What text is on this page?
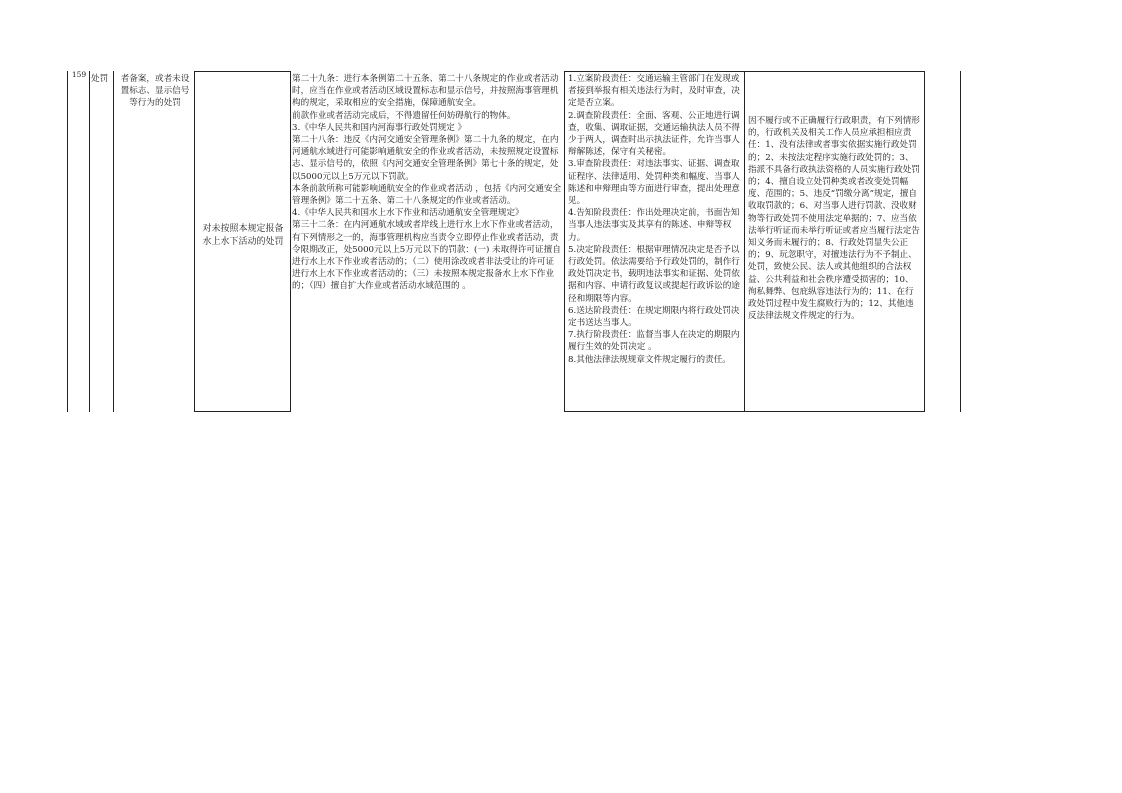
159 处罚	者备案，或者未设置标志、显示信号等行为的处罚
对未按照本规定报备水上水下活动的处罚

第二十九条：进行本条例第二十五条、第二十八条规定的作业或者活动时，应当在作业或者活动区域设置标志和显示信号，并按照海事管理机构的规定，采取相应的安全措施，保障通航安全。

前款作业或者活动完成后，不得遗留任何妨碍航行的物体。

3.《中华人民共和国内河海事行政处罚规定 》

第二十八条：违反《内河交通安全管理条例》第二十九条的规定，在内河通航水域进行可能影响通航安全的作业或者活动，未按照规定设置标志、显示信号的，依照《内河交通安全管理条例》第七十条的规定，处以5000元以上5万元以下罚款。

本条前款所称可能影响通航安全的作业或者活动 ，包括《内河交通安全管理条例》第二十五条、第二十八条规定的作业或者活动。

4.《中华人民共和国水上水下作业和活动通航安全管理规定》

第三十二条：在内河通航水域或者岸线上进行水上水下作业或者活动，有下列情形之一的，海事管理机构应当责令立即停止作业或者活动，责令限期改正，处5000元以上5万元以下的罚款：(一) 未取得许可证擅自进行水上水下作业或者活动的；（二）使用涂改或者非法受让的许可证进行水上水下作业或者活动的；（三）未按照本规定报备水上水下作业的；（四）擅自扩大作业或者活动水域范围的 。

1.立案阶段责任：交通运输主管部门在发现或者接到举报有相关违法行为时，及时审查，决定是否立案。

2.调查阶段责任：全面、客观、公正地进行调查，收集、调取证据，交通运输执法人员不得少于两人，调查时出示执法证件，允许当事人辩解陈述，保守有关秘密。

3.审查阶段责任：对违法事实、证据、调查取证程序、法律适用、处罚种类和幅度、当事人陈述和申辩理由等方面进行审查，提出处理意见。

4.告知阶段责任：作出处理决定前，书面告知当事人违法事实及其享有的陈述、申辩等权力。

5.决定阶段责任：根据审理情况决定是否予以行政处罚。依法需要给予行政处罚的，制作行政处罚决定书，载明违法事实和证据、处罚依据和内容、申请行政复议或提起行政诉讼的途径和期限等内容。

6.送达阶段责任：在规定期限内将行政处罚决定书送达当事人。

7.执行阶段责任：监督当事人在决定的期限内履行生效的处罚决定 。

8.其他法律法规规章文件规定履行的责任。

因不履行或不正确履行行政职责，有下列情形的，行政机关及相关工作人员应承担相应责任：1、没有法律或者事实依据实施行政处罚的；2、未按法定程序实施行政处罚的；3、指派不具备行政执法资格的人员实施行政处罚的；4、擅自设立处罚种类或者改变处罚幅度、范围的；5、违反“罚缴分离”规定，擅自收取罚款的；6、对当事人进行罚款、没收财物等行政处罚不使用法定单据的；7、应当依法举行听证而未举行听证或者应当履行法定告知义务而未履行的；8、行政处罚显失公正的；9、玩忽职守，对擅违法行为不予制止、处罚，致使公民、法人或其他组织的合法权益、公共利益和社会秩序遭受损害的；10、徇私舞弊、包庇纵容违法行为的；11、在行政处罚过程中发生腐败行为的；12、其他违反法律法规文件规定的行为。
